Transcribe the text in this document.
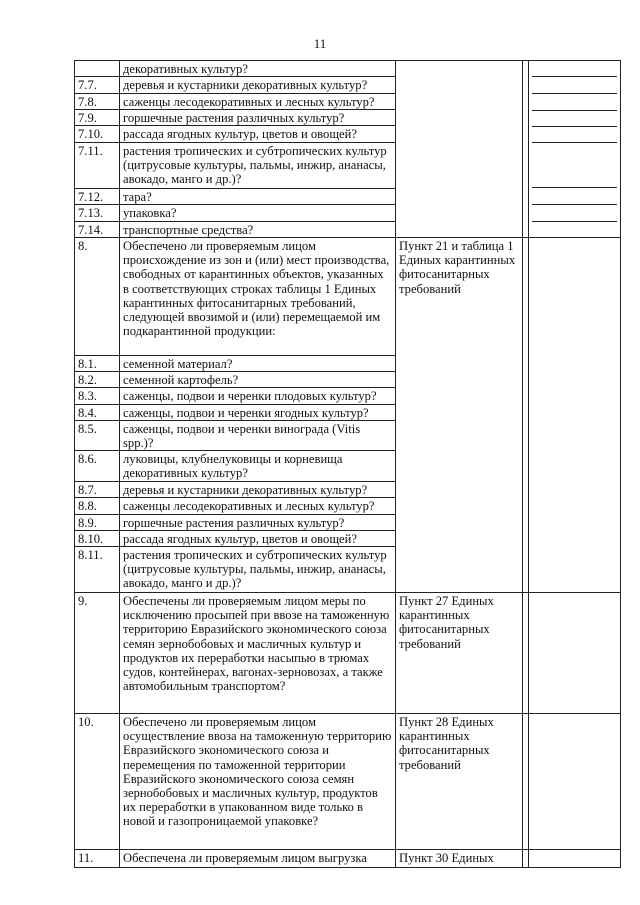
11
	декоративных культур?			

7.7.	деревья и кустарники декоративных культур?			
7.8.	саженцы лесодекоративных и лесных культур?			
7.9.	горшечные растения различных культур?			
7.10.	рассада ягодных культур, цветов и овощей?			
7.11.	растения тропических и субтропических культур (цитрусовые культуры, пальмы, инжир, ананасы, авокадо, манго и др.)?			
7.12.	тара?			
7.13.	упаковка?			
7.14.	транспортные средства?			
8.	Обеспечено ли проверяемым лицом происхождение из зон и (или) мест производства, свободных от карантинных объектов, указанных в соответствующих строках таблицы 1 Единых карантинных фитосанитарных требований, следующей ввозимой и (или) перемещаемой им подкарантинной продукции:	Пункт 21 и таблица 1 Единых карантинных фитосанитарных требований		
8.1.	семенной материал?			
8.2.	семенной картофель?			
8.3.	саженцы, подвои и черенки плодовых культур?			
8.4.	саженцы, подвои и черенки ягодных культур?			
8.5.	саженцы, подвои и черенки винограда (Vitis spp.)?			
8.6.	луковицы, клубнелуковицы и корневища декоративных культур?			
8.7.	деревья и кустарники декоративных культур?			
8.8.	саженцы лесодекоративных и лесных культур?			
8.9.	горшечные растения различных культур?			
8.10.	рассада ягодных культур, цветов и овощей?			
8.11.	растения тропических и субтропических культур (цитрусовые культуры, пальмы, инжир, ананасы, авокадо, манго и др.)?			
9.	Обеспечены ли проверяемым лицом меры по исключению просыпей при ввозе на таможенную территорию Евразийского экономического союза семян зернобобовых и масличных культур и продуктов их переработки насыпью в трюмах судов, контейнерах, вагонах-зерновозах, а также автомобильным транспортом?	Пункт 27 Единых карантинных фитосанитарных требований		
10.	Обеспечено ли проверяемым лицом осуществление ввоза на таможенную территорию Евразийского экономического союза и перемещения по таможенной территории Евразийского экономического союза семян зернобобовых и масличных культур, продуктов их переработки в упакованном виде только в новой и газопроницаемой упаковке?	Пункт 28 Единых карантинных фитосанитарных требований		
11.	Обеспечена ли проверяемым лицом выгрузка	Пункт 30 Единых		
